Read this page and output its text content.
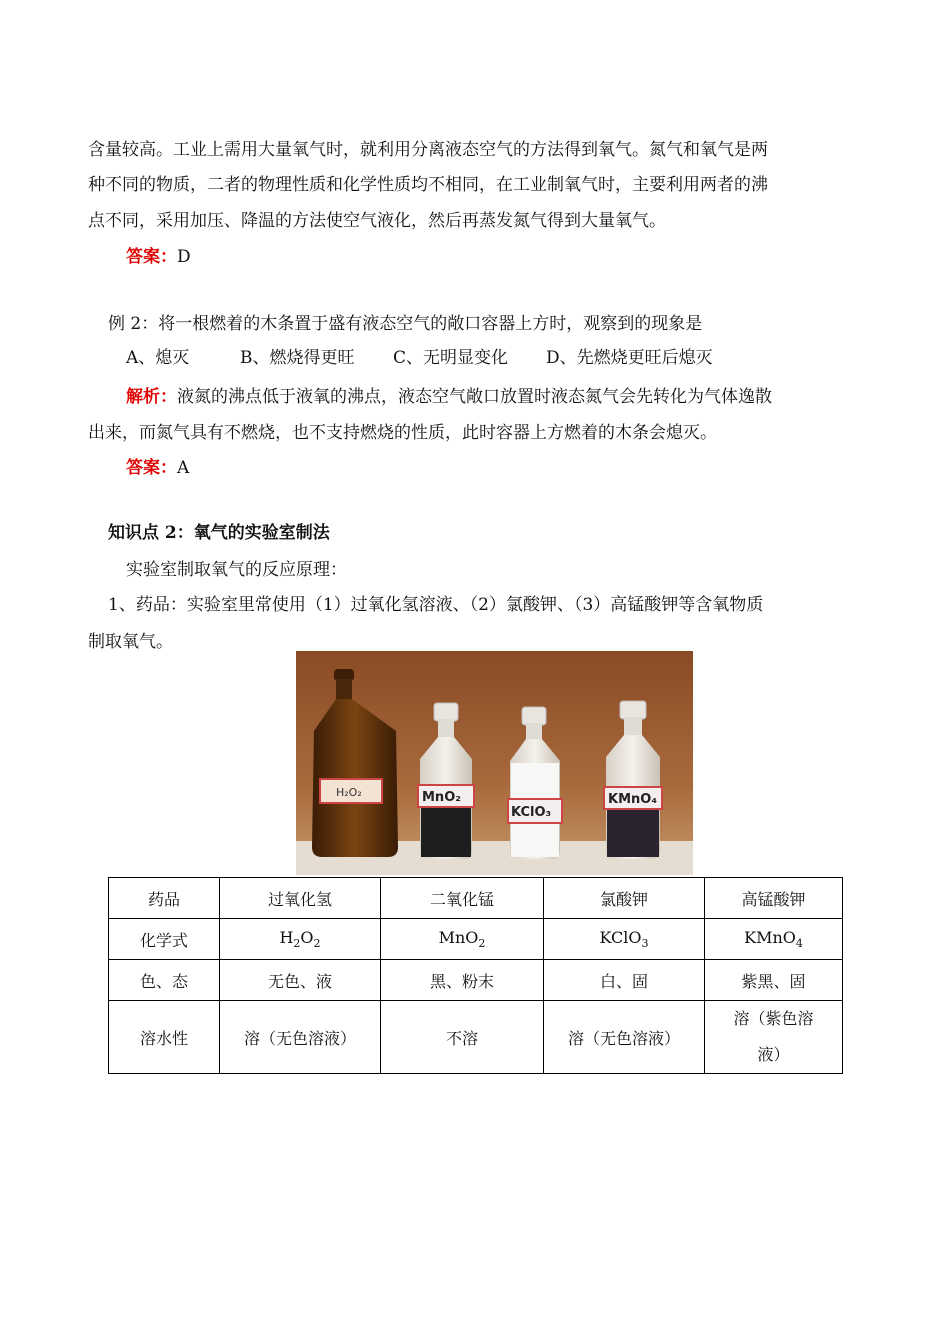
含量较高。工业上需用大量氧气时，就利用分离液态空气的方法得到氧气。氮气和氧气是两
种不同的物质，二者的物理性质和化学性质均不相同，在工业制氧气时，主要利用两者的沸
点不同，采用加压、降温的方法使空气液化，然后再蒸发氮气得到大量氧气。
答案：D
例 2：将一根燃着的木条置于盛有液态空气的敞口容器上方时，观察到的现象是
A、熄灭	B、燃烧得更旺 C、无明显变化 D、先燃烧更旺后熄灭
解析：液氮的沸点低于液氧的沸点，液态空气敞口放置时液态氮气会先转化为气体逸散
出来，而氮气具有不燃烧，也不支持燃烧的性质，此时容器上方燃着的木条会熄灭。
答案：A
知识点 2：氧气的实验室制法
实验室制取氧气的反应原理：
1、药品：实验室里常使用（1）过氧化氢溶液、（2）氯酸钾、（3）高锰酸钾等含氧物质
制取氧气。
H₂O₂	MnO₂
KClO₃
KMnO₄
药品	过氧化氢	二氧化锰	氯酸钾	高锰酸钾

化学式	$H_2O_2$	MnO$_2$	KClO$_3$	KMnO$_4$

色、态	无色、液	黑、粉末	白、固	紫黑、固

溶水性	溶（无色溶液）	不溶	溶（无色溶液）	溶（紫色溶
液）
